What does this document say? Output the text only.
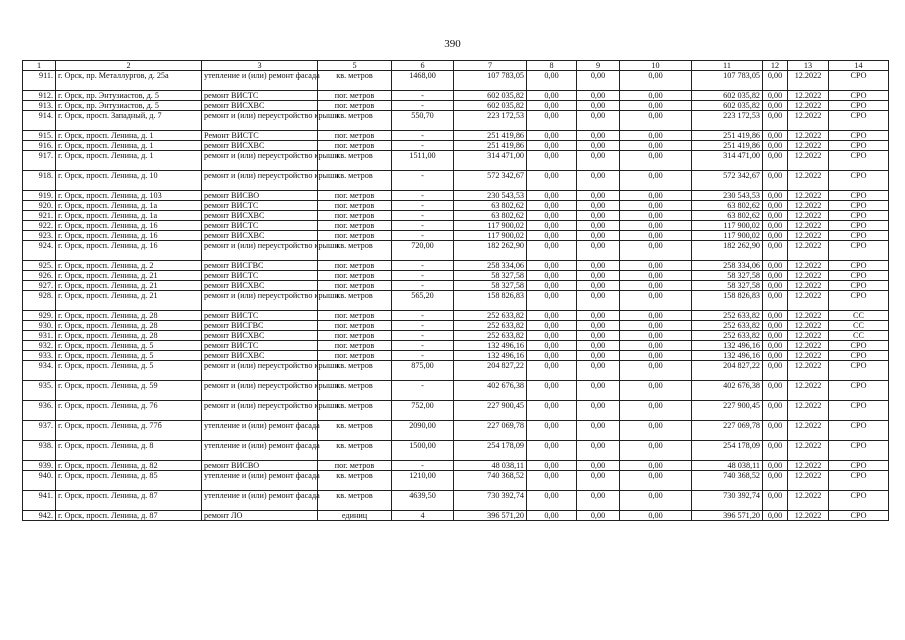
390
1	2	3	5	6	7	8	9	10	11	12	13	14
911.	г. Орск, пр. Металлургов, д. 25а	утепление и (или) ремонт фасада	кв. метров	1468,00	107 783,05	0,00	0,00	0,00	107 783,05	0,00	12.2022	СРО
912.	г. Орск, пр. Энтузиастов, д. 5	ремонт ВИСТС	пог. метров	-	602 035,82	0,00	0,00	0,00	602 035,82	0,00	12.2022	СРО
913.	г. Орск, пр. Энтузиастов, д. 5	ремонт ВИСХВС	пог. метров	-	602 035,82	0,00	0,00	0,00	602 035,82	0,00	12.2022	СРО
914.	г. Орск, просп. Западный, д. 7	ремонт и (или) переустройство крыши	кв. метров	550,70	223 172,53	0,00	0,00	0,00	223 172,53	0,00	12.2022	СРО
915.	г. Орск, просп. Ленина, д. 1	Ремонт ВИСТС	пог. метров	-	251 419,86	0,00	0,00	0,00	251 419,86	0,00	12.2022	СРО
916.	г. Орск, просп. Ленина, д. 1	ремонт ВИСХВС	пог. метров	-	251 419,86	0,00	0,00	0,00	251 419,86	0,00	12.2022	СРО
917.	г. Орск, просп. Ленина, д. 1	ремонт и (или) переустройство крыши	кв. метров	1511,00	314 471,00	0,00	0,00	0,00	314 471,00	0,00	12.2022	СРО
918.	г. Орск, просп. Ленина, д. 10	ремонт и (или) переустройство крыши	кв. метров	-	572 342,67	0,00	0,00	0,00	572 342,67	0,00	12.2022	СРО
919.	г. Орск, просп. Ленина, д. 103	ремонт ВИСВО	пог. метров	-	230 543,53	0,00	0,00	0,00	230 543,53	0,00	12.2022	СРО
920.	г. Орск, просп. Ленина, д. 1а	ремонт ВИСТС	пог. метров	-	63 802,62	0,00	0,00	0,00	63 802,62	0,00	12.2022	СРО
921.	г. Орск, просп. Ленина, д. 1а	ремонт ВИСХВС	пог. метров	-	63 802,62	0,00	0,00	0,00	63 802,62	0,00	12.2022	СРО
922.	г. Орск, просп. Ленина, д. 16	ремонт ВИСТС	пог. метров	-	117 900,02	0,00	0,00	0,00	117 900,02	0,00	12.2022	СРО
923.	г. Орск, просп. Ленина, д. 16	ремонт ВИСХВС	пог. метров	-	117 900,02	0,00	0,00	0,00	117 900,02	0,00	12.2022	СРО
924.	г. Орск, просп. Ленина, д. 16	ремонт и (или) переустройство крыши	кв. метров	720,00	182 262,90	0,00	0,00	0,00	182 262,90	0,00	12.2022	СРО
925.	г. Орск, просп. Ленина, д. 2	ремонт ВИСГВС	пог. метров	-	258 334,06	0,00	0,00	0,00	258 334,06	0,00	12.2022	СРО
926.	г. Орск, просп. Ленина, д. 21	ремонт ВИСТС	пог. метров	-	58 327,58	0,00	0,00	0,00	58 327,58	0,00	12.2022	СРО
927.	г. Орск, просп. Ленина, д. 21	ремонт ВИСХВС	пог. метров	-	58 327,58	0,00	0,00	0,00	58 327,58	0,00	12.2022	СРО
928.	г. Орск, просп. Ленина, д. 21	ремонт и (или) переустройство крыши	кв. метров	565,20	158 826,83	0,00	0,00	0,00	158 826,83	0,00	12.2022	СРО
929.	г. Орск, просп. Ленина, д. 28	ремонт ВИСТС	пог. метров	-	252 633,82	0,00	0,00	0,00	252 633,82	0,00	12.2022	СС
930.	г. Орск, просп. Ленина, д. 28	ремонт ВИСГВС	пог. метров	-	252 633,82	0,00	0,00	0,00	252 633,82	0,00	12.2022	СС
931.	г. Орск, просп. Ленина, д. 28	ремонт ВИСХВС	пог. метров	-	252 633,82	0,00	0,00	0,00	252 633,82	0,00	12.2022	СС
932.	г. Орск, просп. Ленина, д. 5	ремонт ВИСТС	пог. метров	-	132 496,16	0,00	0,00	0,00	132 496,16	0,00	12.2022	СРО
933.	г. Орск, просп. Ленина, д. 5	ремонт ВИСХВС	пог. метров	-	132 496,16	0,00	0,00	0,00	132 496,16	0,00	12.2022	СРО
934.	г. Орск, просп. Ленина, д. 5	ремонт и (или) переустройство крыши	кв. метров	875,00	204 827,22	0,00	0,00	0,00	204 827,22	0,00	12.2022	СРО
935.	г. Орск, просп. Ленина, д. 59	ремонт и (или) переустройство крыши	кв. метров	-	402 676,38	0,00	0,00	0,00	402 676,38	0,00	12.2022	СРО
936.	г. Орск, просп. Ленина, д. 76	ремонт и (или) переустройство крыши	кв. метров	752,00	227 900,45	0,00	0,00	0,00	227 900,45	0,00	12.2022	СРО
937.	г. Орск, просп. Ленина, д. 77б	утепление и (или) ремонт фасада	кв. метров	2090,00	227 069,78	0,00	0,00	0,00	227 069,78	0,00	12.2022	СРО
938.	г. Орск, просп. Ленина, д. 8	утепление и (или) ремонт фасада	кв. метров	1500,00	254 178,09	0,00	0,00	0,00	254 178,09	0,00	12.2022	СРО
939.	г. Орск, просп. Ленина, д. 82	ремонт ВИСВО	пог. метров	-	48 038,11	0,00	0,00	0,00	48 038,11	0,00	12.2022	СРО
940.	г. Орск, просп. Ленина, д. 85	утепление и (или) ремонт фасада	кв. метров	1210,00	740 368,52	0,00	0,00	0,00	740 368,52	0,00	12.2022	СРО
941.	г. Орск, просп. Ленина, д. 87	утепление и (или) ремонт фасада	кв. метров	4639,50	730 392,74	0,00	0,00	0,00	730 392,74	0,00	12.2022	СРО
942.	г. Орск, просп. Ленина, д. 87	ремонт ЛО	единиц	4	396 571,20	0,00	0,00	0,00	396 571,20	0,00	12.2022	СРО
